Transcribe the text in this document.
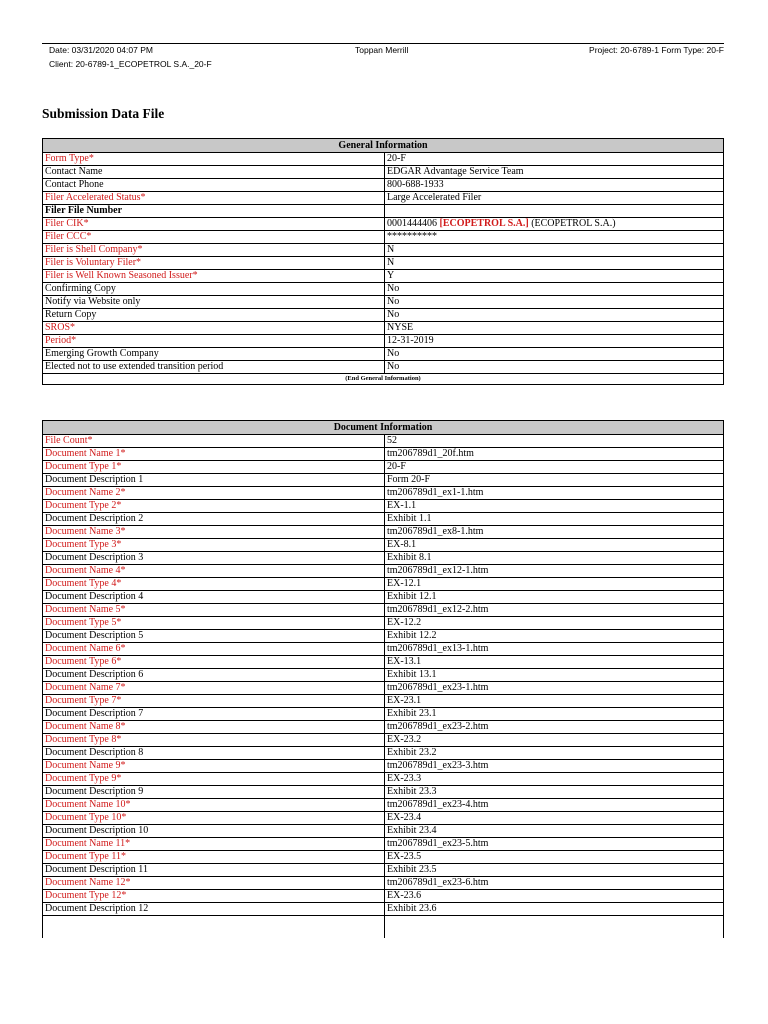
Date: 03/31/2020 04:07 PM	Toppan Merrill	Project: 20-6789-1 Form Type: 20-F
Client: 20-6789-1_ECOPETROL S.A._20-F
Submission Data File
General Information
Form Type*	20-F
Contact Name	EDGAR Advantage Service Team
Contact Phone	800-688-1933
Filer Accelerated Status*	Large Accelerated Filer
Filer File Number	
Filer CIK*	0001444406 [ECOPETROL S.A.] (ECOPETROL S.A.)
Filer CCC*	**********
Filer is Shell Company*	N
Filer is Voluntary Filer*	N
Filer is Well Known Seasoned Issuer*	Y
Confirming Copy	No
Notify via Website only	No
Return Copy	No
SROS*	NYSE
Period*	12-31-2019
Emerging Growth Company	No
Elected not to use extended transition period	No
(End General Information)
Document Information
File Count*	52
Document Name 1*	tm206789d1_20f.htm
Document Type 1*	20-F
Document Description 1	Form 20-F
Document Name 2*	tm206789d1_ex1-1.htm
Document Type 2*	EX-1.1
Document Description 2	Exhibit 1.1
Document Name 3*	tm206789d1_ex8-1.htm
Document Type 3*	EX-8.1
Document Description 3	Exhibit 8.1
Document Name 4*	tm206789d1_ex12-1.htm
Document Type 4*	EX-12.1
Document Description 4	Exhibit 12.1
Document Name 5*	tm206789d1_ex12-2.htm
Document Type 5*	EX-12.2
Document Description 5	Exhibit 12.2
Document Name 6*	tm206789d1_ex13-1.htm
Document Type 6*	EX-13.1
Document Description 6	Exhibit 13.1
Document Name 7*	tm206789d1_ex23-1.htm
Document Type 7*	EX-23.1
Document Description 7	Exhibit 23.1
Document Name 8*	tm206789d1_ex23-2.htm
Document Type 8*	EX-23.2
Document Description 8	Exhibit 23.2
Document Name 9*	tm206789d1_ex23-3.htm
Document Type 9*	EX-23.3
Document Description 9	Exhibit 23.3
Document Name 10*	tm206789d1_ex23-4.htm
Document Type 10*	EX-23.4
Document Description 10	Exhibit 23.4
Document Name 11*	tm206789d1_ex23-5.htm
Document Type 11*	EX-23.5
Document Description 11	Exhibit 23.5
Document Name 12*	tm206789d1_ex23-6.htm
Document Type 12*	EX-23.6
Document Description 12	Exhibit 23.6
